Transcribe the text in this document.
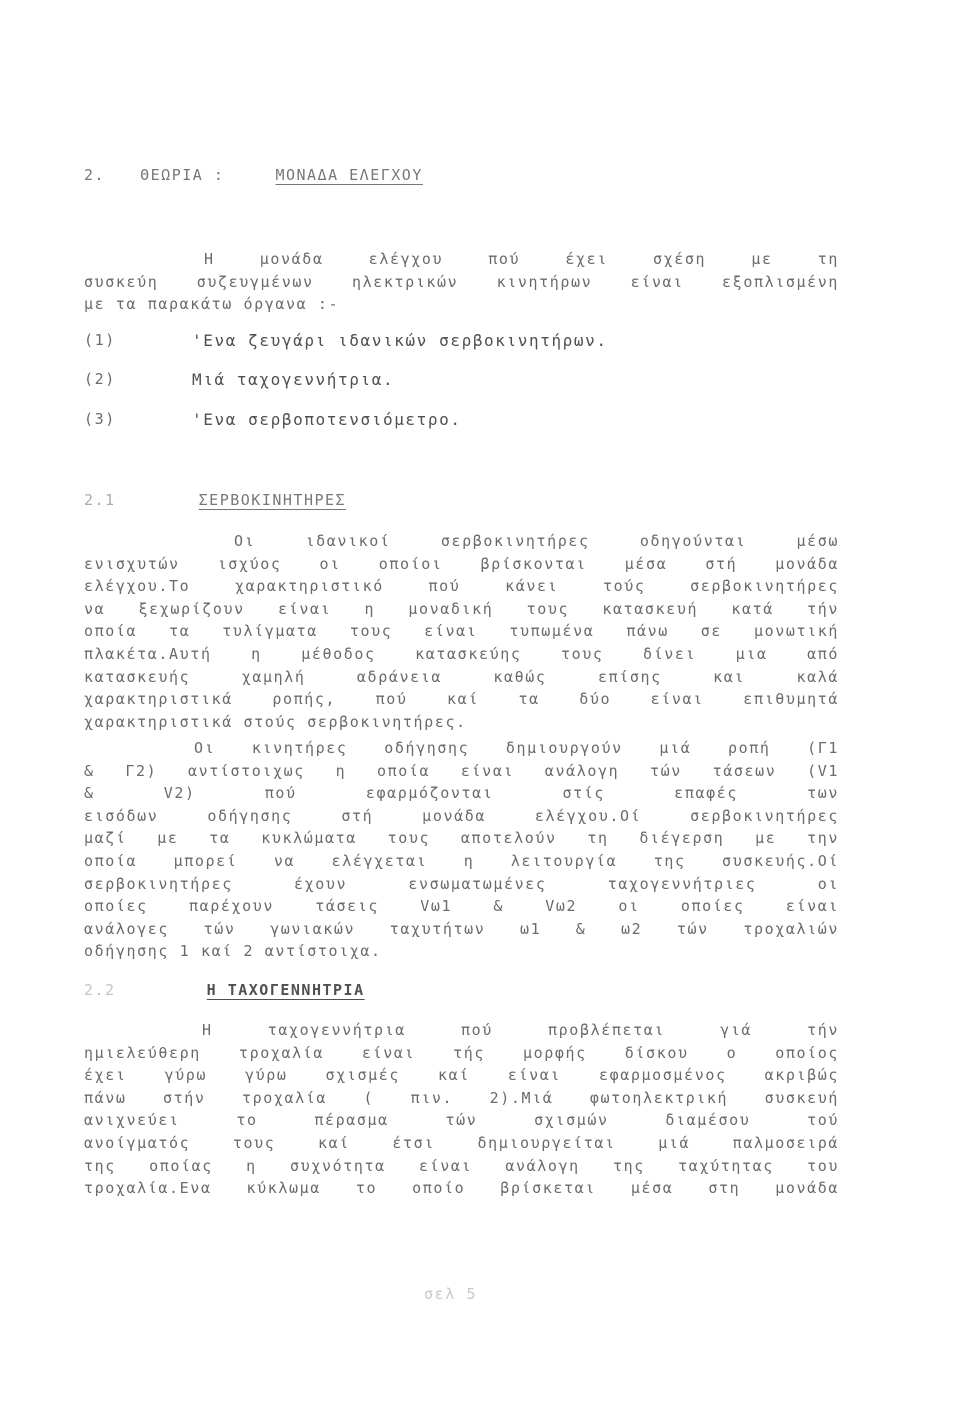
2. ΘΕΩΡΙΑ :	ΜΟΝΑΔΑ ΕΛΕΓΧΟΥ
Η μονάδα ελέγχου πού έχει σχέση με τη
συσκεύη συζευγμένων ηλεκτρικών κινητήρων είναι εξοπλισμένη
με τα παρακάτω όργανα :-
(1)	'Ενα ζευγάρι ιδανικών σερβοκινητήρων.
(2)	Μιά ταχογεννήτρια.
(3)	'Ενα σερβοποτενσιόμετρο.
2.1	ΣΕΡΒΟΚΙΝΗΤΗΡΕΣ
Οι ιδανικοί σερβοκινητήρες οδηγούνται μέσω
ενισχυτών ισχύος οι οποίοι βρίσκονται μέσα στή μονάδα
ελέγχου.Το χαρακτηριστικό πού κάνει τούς σερβοκινητήρες
να ξεχωρίζουν είναι η μοναδική τους κατασκευή κατά τήν
οποία τα τυλίγματα τους είναι τυπωμένα πάνω σε μονωτική
πλακέτα.Αυτή η μέθοδος κατασκεύης τους δίνει μια από
κατασκευής χαμηλή αδράνεια καθώς επίσης και καλά
χαρακτηριστικά ροπής, πού καί τα δύο είναι επιθυμητά
χαρακτηριστικά στούς σερβοκινητήρες.
Οι κινητήρες οδήγησης δημιουργούν μιά ροπή (Γ1
& Γ2) αντίστοιχως η οποία είναι ανάλογη τών τάσεων (V1
& V2) πού εφαρμόζονται στίς επαφές των
εισόδων οδήγησης στή μονάδα ελέγχου.Οί σερβοκινητήρες
μαζί με τα κυκλώματα τους αποτελούν τη διέγερση με την
οποία μπορεί να ελέγχεται η λειτουργία της συσκευής.Οί
σερβοκινητήρες έχουν ενσωματωμένες ταχογεννήτριες οι
οποίες παρέχουν τάσεις Vω1 & Vω2 οι οποίες είναι
ανάλογες τών γωνιακών ταχυτήτων ω1 & ω2 τών τροχαλιών
οδήγησης 1 καί 2 αντίστοιχα.
2.2	Η ΤΑΧΟΓΕΝΝΗΤΡΙΑ
Η ταχογεννήτρια πού προβλέπεται γιά τήν
ημιελεύθερη τροχαλία είναι τής μορφής δίσκου ο οποίος
έχει γύρω γύρω σχισμές καί είναι εφαρμοσμένος ακριβώς
πάνω στήν τροχαλία ( πιν. 2).Μιά φωτοηλεκτρική συσκευή
ανιχνεύει το πέρασμα τών σχισμών διαμέσου τού
ανοίγματός τους καί έτσι δημιουργείται μιά παλμοσειρά
της οποίας η συχνότητα είναι ανάλογη της ταχύτητας του
τροχαλία.Ενα κύκλωμα το οποίο βρίσκεται μέσα στη μονάδα
σελ 5
